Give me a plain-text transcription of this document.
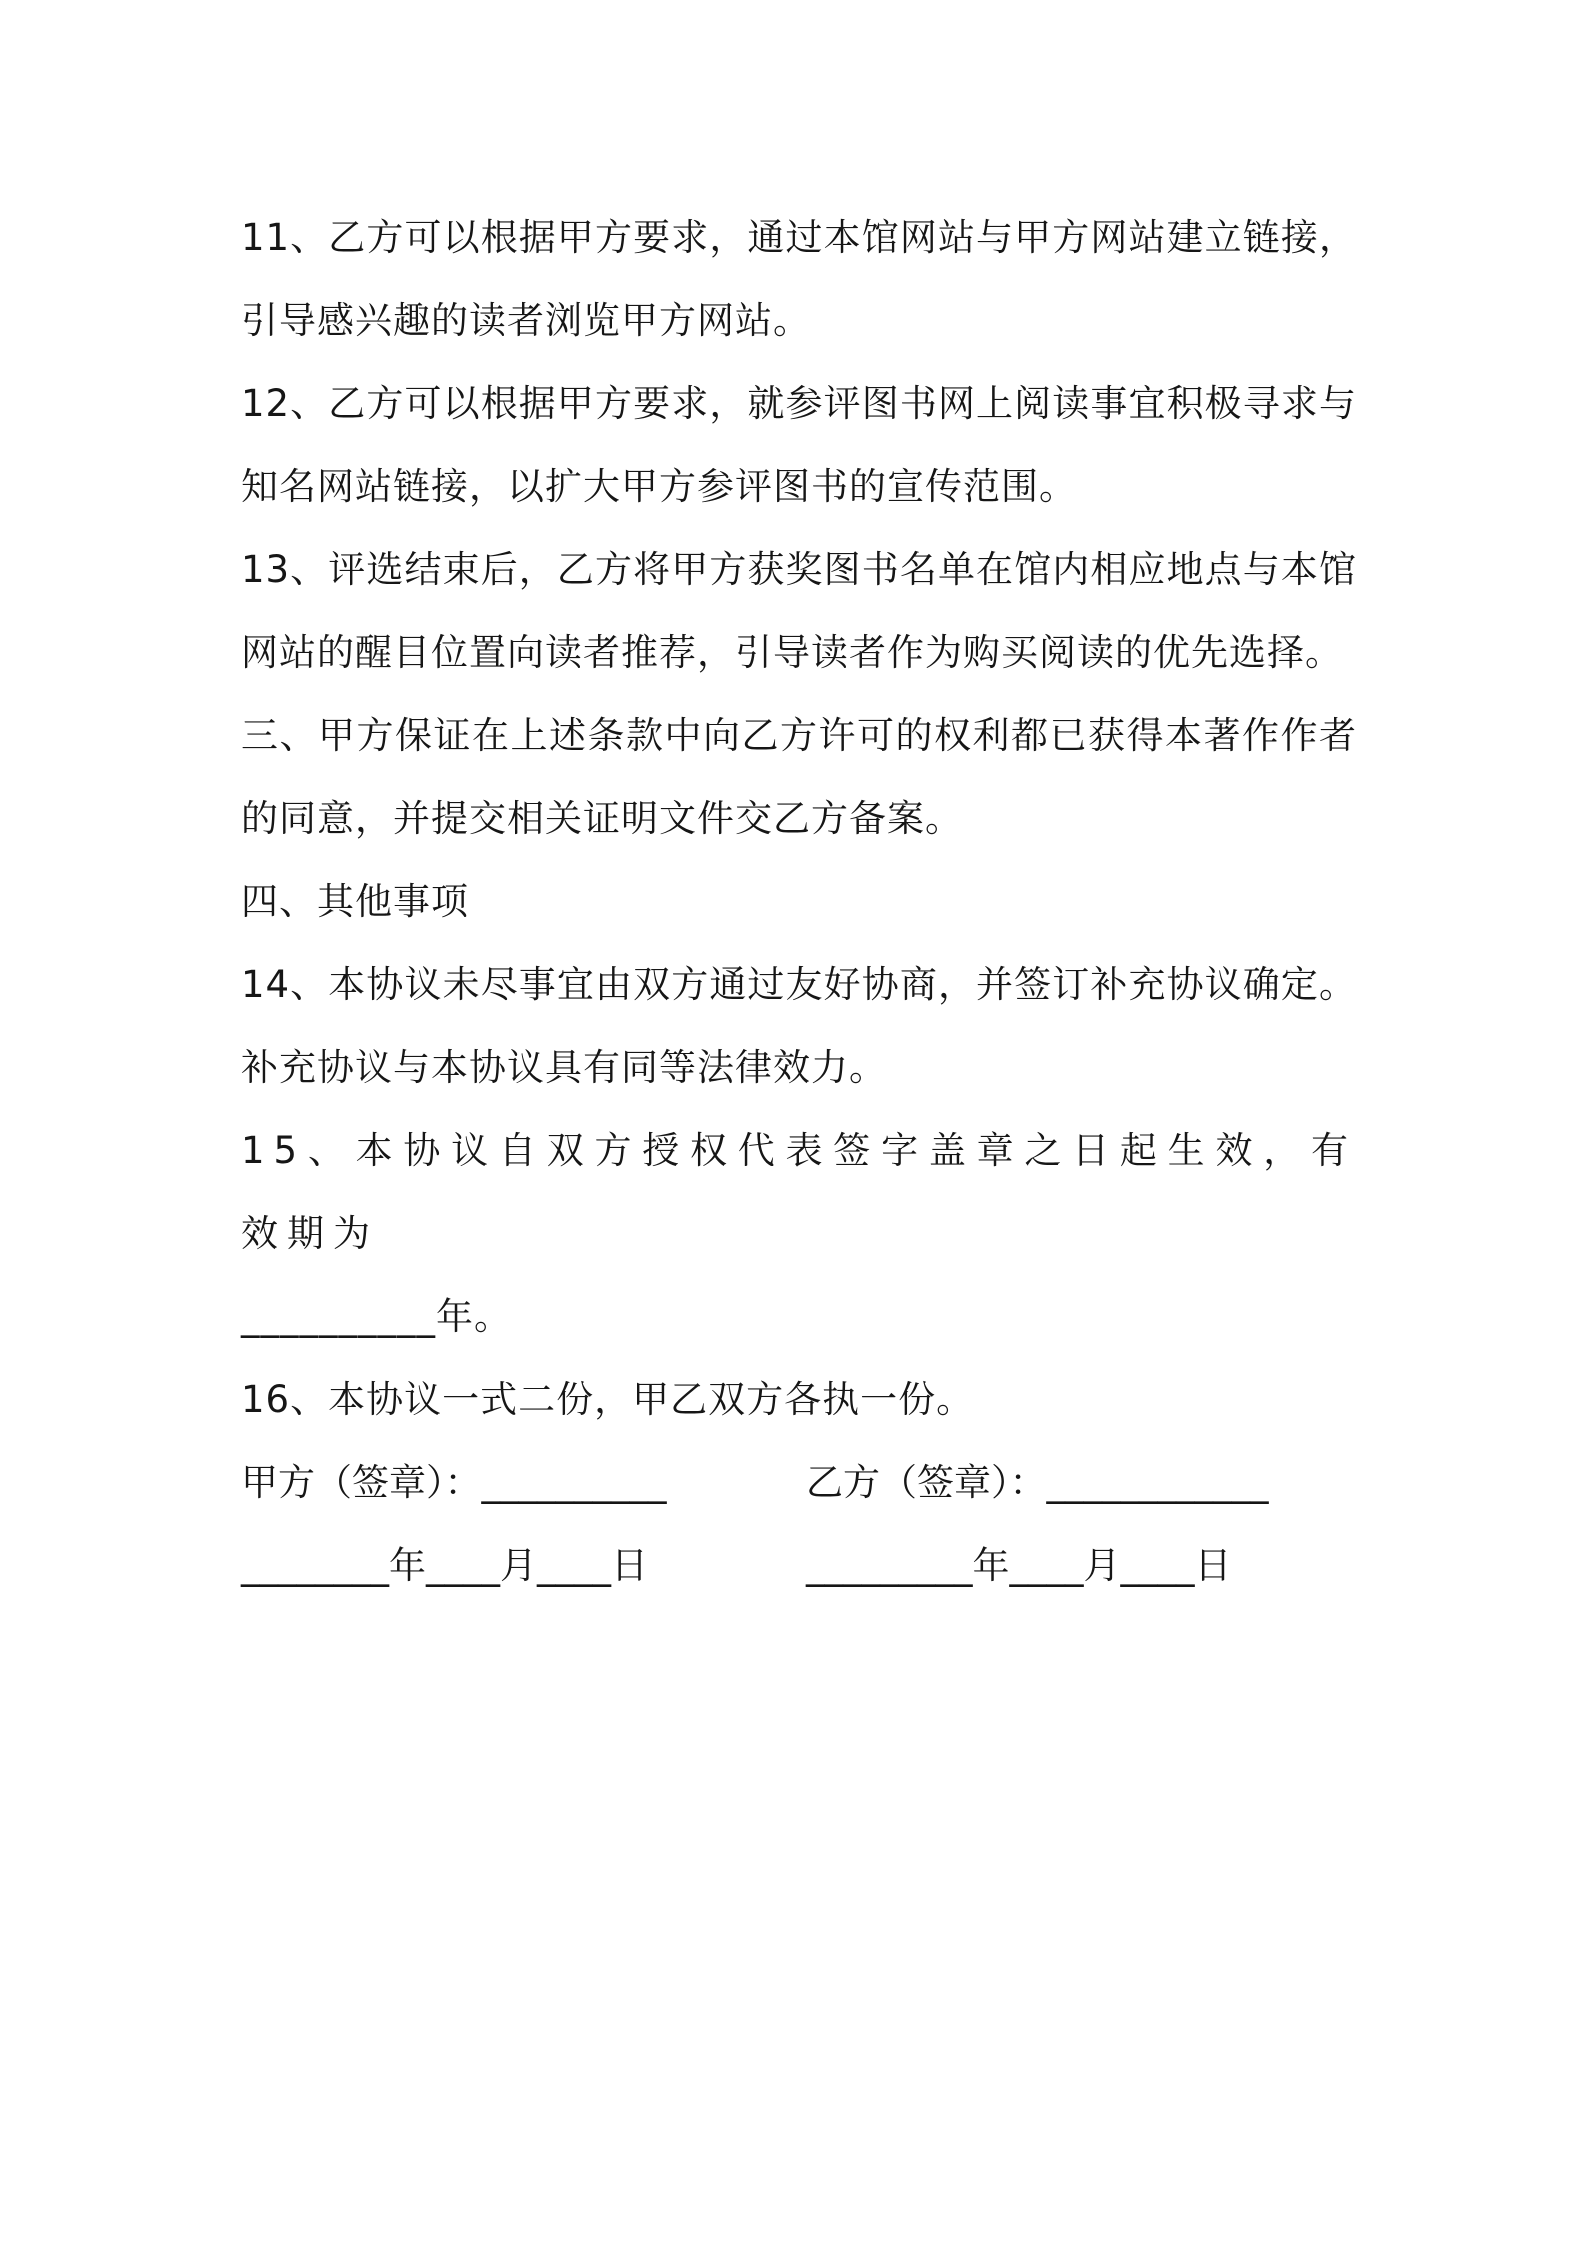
11、乙方可以根据甲方要求，通过本馆网站与甲方网站建立链接，引导感兴趣的读者浏览甲方网站。

12、乙方可以根据甲方要求，就参评图书网上阅读事宜积极寻求与知名网站链接，以扩大甲方参评图书的宣传范围。

13、评选结束后，乙方将甲方获奖图书名单在馆内相应地点与本馆网站的醒目位置向读者推荐，引导读者作为购买阅读的优先选择。

三、甲方保证在上述条款中向乙方许可的权利都已获得本著作作者的同意，并提交相关证明文件交乙方备案。

四、其他事项

14、本协议未尽事宜由双方通过友好协商，并签订补充协议确定。补充协议与本协议具有同等法律效力。

15、本协议自双方授权代表签字盖章之日起生效，有效期为

__________年。

16、本协议一式二份，甲乙双方各执一份。

甲方（签章）：__________	乙方（签章）：____________
________年____月____日	_________年____月____日
